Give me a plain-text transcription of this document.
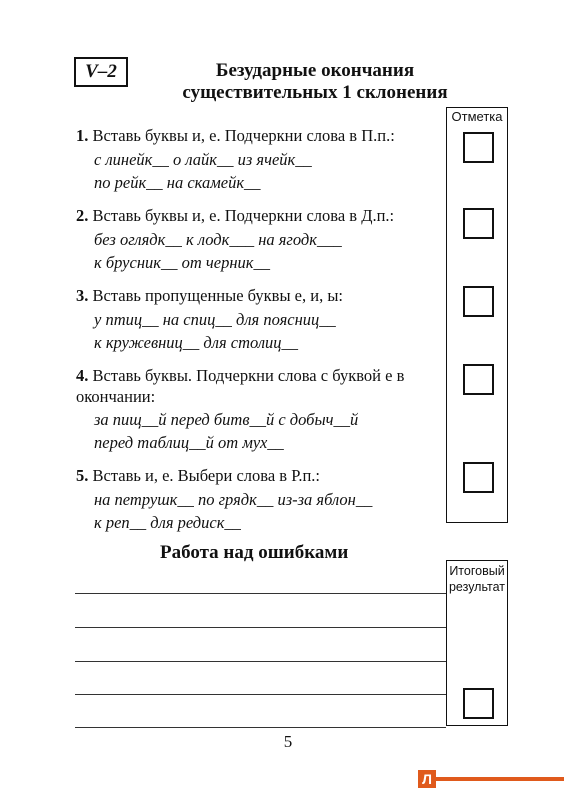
V–2	Безударные окончания
существительных 1 склонения
Отметка
1. Вставь буквы и, е. Подчеркни слова в П.п.:
с линейк__ о лайк__ из ячейк__
по рейк__ на скамейк__
2. Вставь буквы и, е. Подчеркни слова в Д.п.:
без оглядк__ к лодк___ на ягодк___
к брусник__ от черник__
3. Вставь пропущенные буквы е, и, ы:
у птиц__ на спиц__ для поясниц__
к кружевниц__ для столиц__
4. Вставь буквы. Подчеркни слова с буквой е в
окончании:
за пищ__й перед битв__й с добыч__й
перед таблиц__й от мух__
5. Вставь и, е. Выбери слова в Р.п.:
на петрушк__ по грядк__ из-за яблон__
к реп__ для редиск__
Работа над ошибками
Итоговый
результат
5
Л
